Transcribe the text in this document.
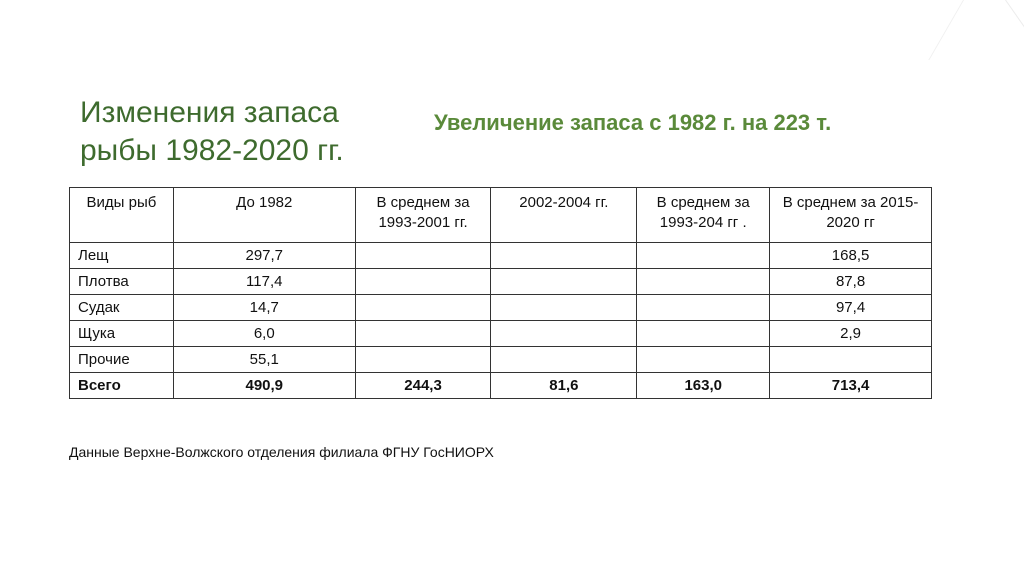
Изменения запаса
рыбы 1982-2020 гг.
Увеличение запаса с 1982 г. на 223 т.
Виды рыб	До 1982	В среднем за 1993-2001 гг.	2002-2004 гг.	В среднем за 1993-204 гг .	В среднем за 2015-2020 гг
Лещ	297,7				168,5
Плотва	117,4				87,8
Судак	14,7				97,4
Щука	6,0				2,9
Прочие	55,1				
Всего	490,9	244,3	81,6	163,0	713,4
Данные Верхне-Волжского отделения филиала ФГНУ ГосНИОРХ
